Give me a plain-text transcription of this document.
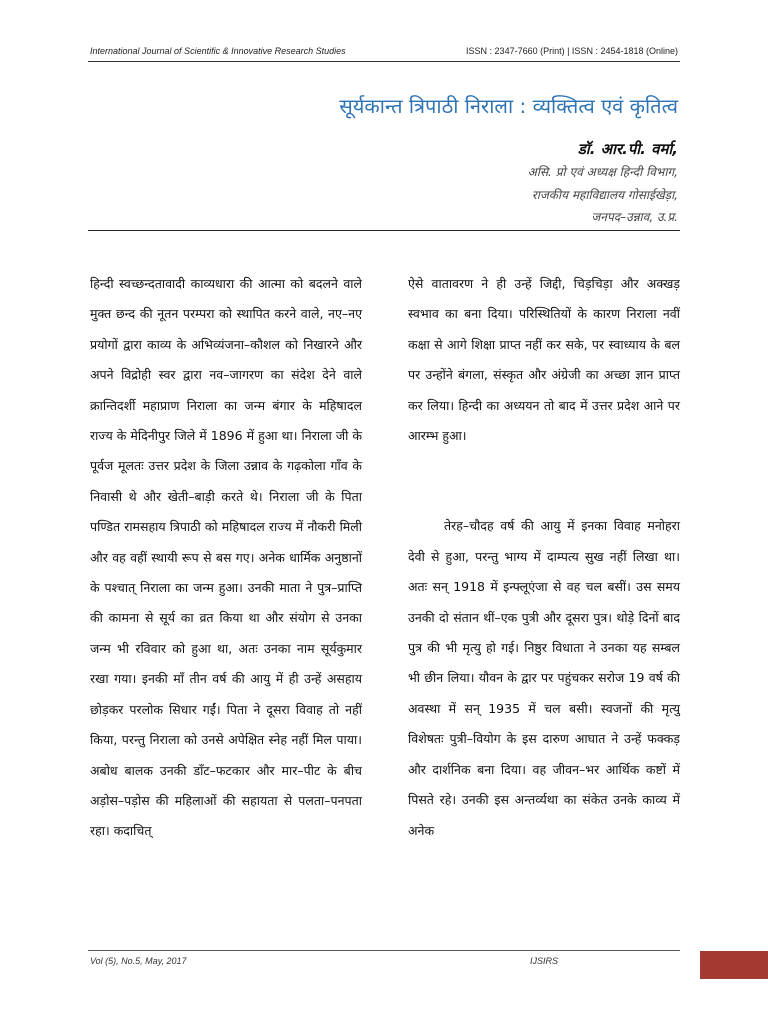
International Journal of Scientific & Innovative Research Studies	ISSN : 2347-7660 (Print) | ISSN : 2454-1818 (Online)
सूर्यकान्त त्रिपाठी निराला : व्यक्तित्व एवं कृतित्व
डॉ. आर.पी. वर्मा,
असि. प्रो एवं अध्यक्ष हिन्दी विभाग,
राजकीय महाविद्यालय गोसाईखेड़ा,
जनपद–उन्नाव, उ.प्र.

हिन्दी स्वच्छन्दतावादी काव्यधारा की आत्मा को बदलने वाले मुक्त छन्द की नूतन परम्परा को स्थापित करने वाले, नए–नए प्रयोगों द्वारा काव्य के अभिव्यंजना–कौशल को निखारने और अपने विद्रोही स्वर द्वारा नव–जागरण का संदेश देने वाले क्रान्तिदर्शी महाप्राण निराला का जन्म बंगार के महिषादल राज्य के मेदिनीपुर जिले में 1896 में हुआ था। निराला जी के पूर्वज मूलतः उत्तर प्रदेश के जिला उन्नाव के गढ़कोला गाँव के निवासी थे और खेती–बाड़ी करते थे। निराला जी के पिता पण्डित रामसहाय त्रिपाठी को महिषादल राज्य में नौकरी मिली और वह वहीं स्थायी रूप से बस गए। अनेक धार्मिक अनुष्ठानों के पश्चात् निराला का जन्म हुआ। उनकी माता ने पुत्र–प्राप्ति की कामना से सूर्य का व्रत किया था और संयोग से उनका जन्म भी रविवार को हुआ था, अतः उनका नाम सूर्यकुमार रखा गया। इनकी माँ तीन वर्ष की आयु में ही उन्हें असहाय छोड़कर परलोक सिधार गईं। पिता ने दूसरा विवाह तो नहीं किया, परन्तु निराला को उनसे अपेक्षित स्नेह नहीं मिल पाया। अबोध बालक उनकी डाँट–फटकार और मार–पीट के बीच अड़ोस–पड़ोस की महिलाओं की सहायता से पलता–पनपता रहा। कदाचित्

ऐसे वातावरण ने ही उन्हें जिद्दी, चिड़चिड़ा और अक्खड़ स्वभाव का बना दिया। परिस्थितियों के कारण निराला नवीं कक्षा से आगे शिक्षा प्राप्त नहीं कर सके, पर स्वाध्याय के बल पर उन्होंने बंगला, संस्कृत और अंग्रेजी का अच्छा ज्ञान प्राप्त कर लिया। हिन्दी का अध्ययन तो बाद में उत्तर प्रदेश आने पर आरम्भ हुआ।

तेरह–चौदह वर्ष की आयु में इनका विवाह मनोहरा देवी से हुआ, परन्तु भाग्य में दाम्पत्य सुख नहीं लिखा था। अतः सन् 1918 में इन्फ्लूएंजा से वह चल बसीं। उस समय उनकी दो संतान थीं–एक पुत्री और दूसरा पुत्र। थोड़े दिनों बाद पुत्र की भी मृत्यु हो गई। निष्ठुर विधाता ने उनका यह सम्बल भी छीन लिया। यौवन के द्वार पर पहुंचकर सरोज 19 वर्ष की अवस्था में सन् 1935 में चल बसी। स्वजनों की मृत्यु विशेषतः पुत्री–वियोग के इस दारुण आघात ने उन्हें फक्कड़ और दार्शनिक बना दिया। वह जीवन–भर आर्थिक कष्टों में पिसते रहे। उनकी इस अन्तर्व्यथा का संकेत उनके काव्य में अनेक

Vol (5), No.5, May, 2017	IJSIRS
